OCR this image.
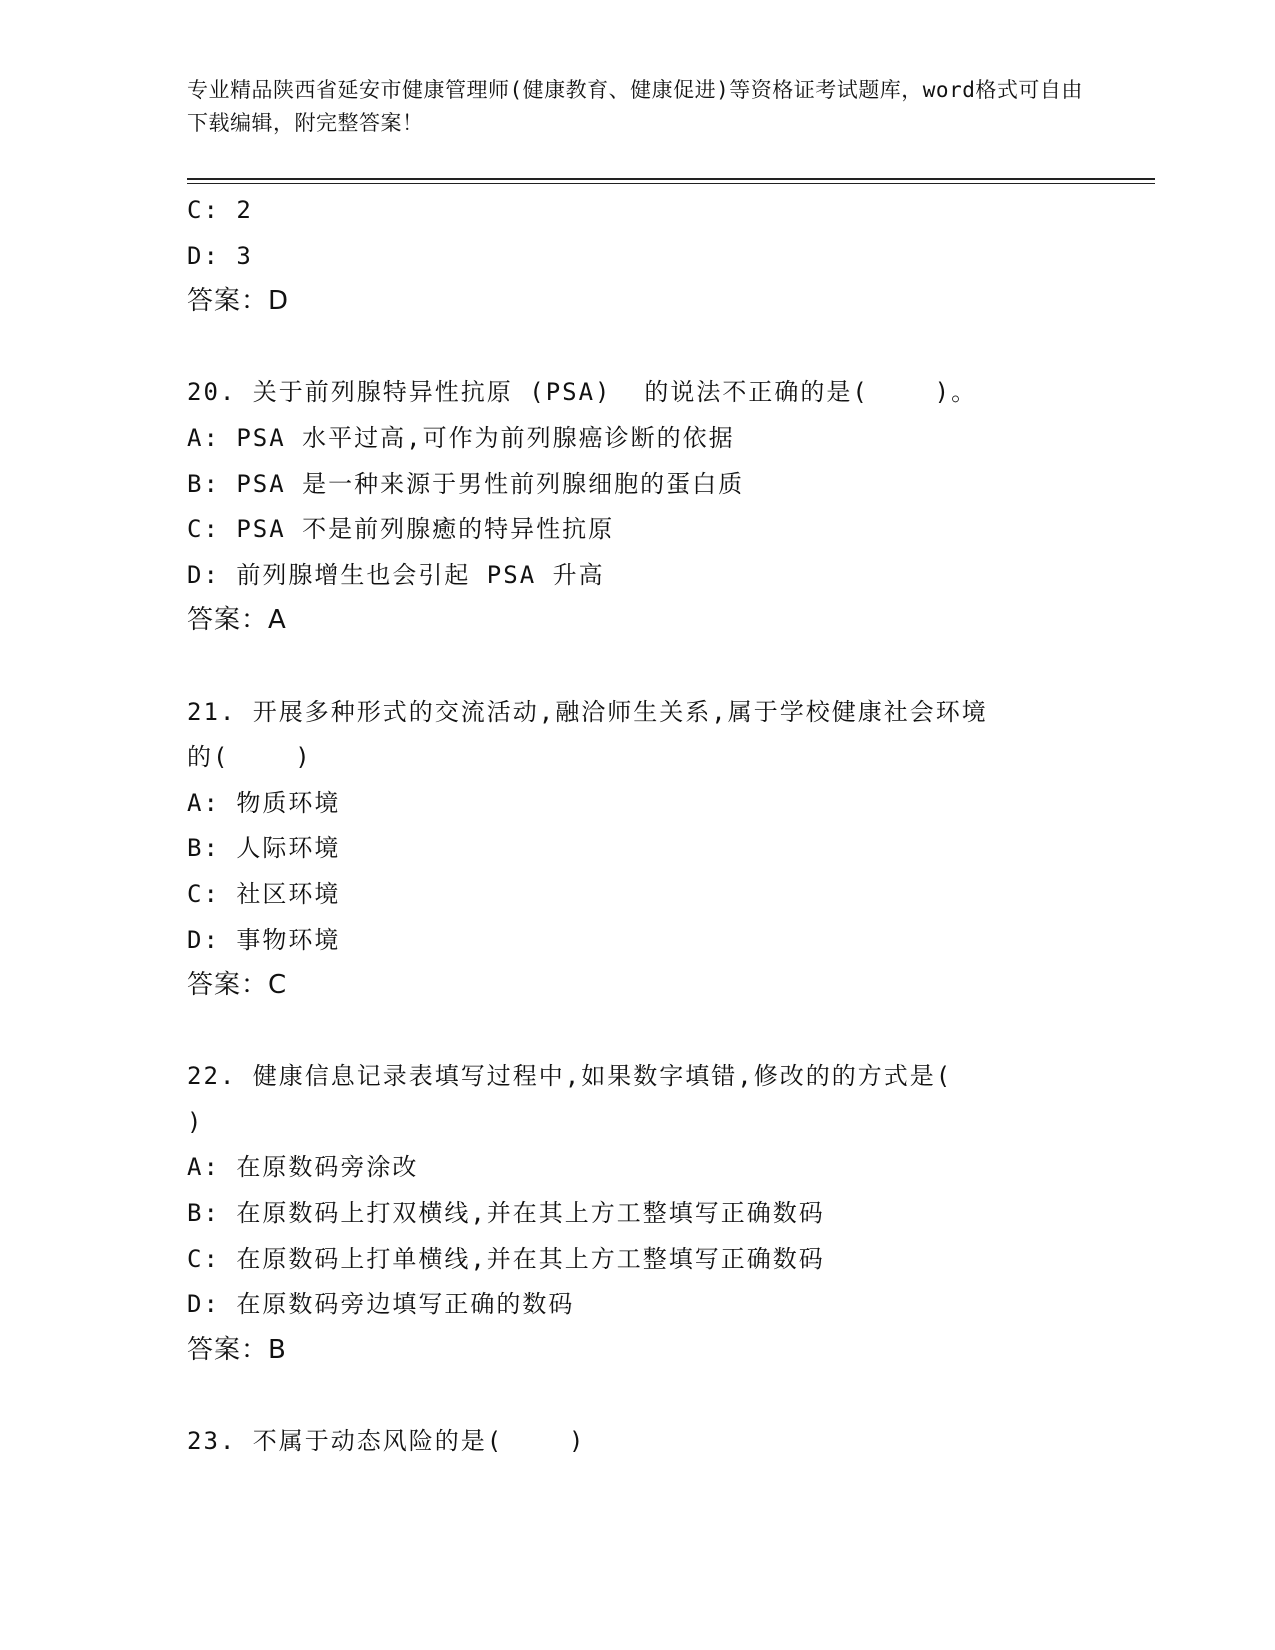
专业精品陕西省延安市健康管理师(健康教育、健康促进)等资格证考试题库，word格式可自由下载编辑，附完整答案！
C: 2
D: 3
答案：D
20. 关于前列腺特异性抗原 (PSA)  的说法不正确的是(    )。
A: PSA 水平过高,可作为前列腺癌诊断的依据
B: PSA 是一种来源于男性前列腺细胞的蛋白质
C: PSA 不是前列腺癒的特异性抗原
D: 前列腺增生也会引起 PSA 升高
答案：A
21. 开展多种形式的交流活动,融洽师生关系,属于学校健康社会环境
的(    )
A: 物质环境
B: 人际环境
C: 社区环境
D: 事物环境
答案：C
22. 健康信息记录表填写过程中,如果数字填错,修改的的方式是(
)
A: 在原数码旁涂改
B: 在原数码上打双横线,并在其上方工整填写正确数码
C: 在原数码上打单横线,并在其上方工整填写正确数码
D: 在原数码旁边填写正确的数码
答案：B
23. 不属于动态风险的是(    )
